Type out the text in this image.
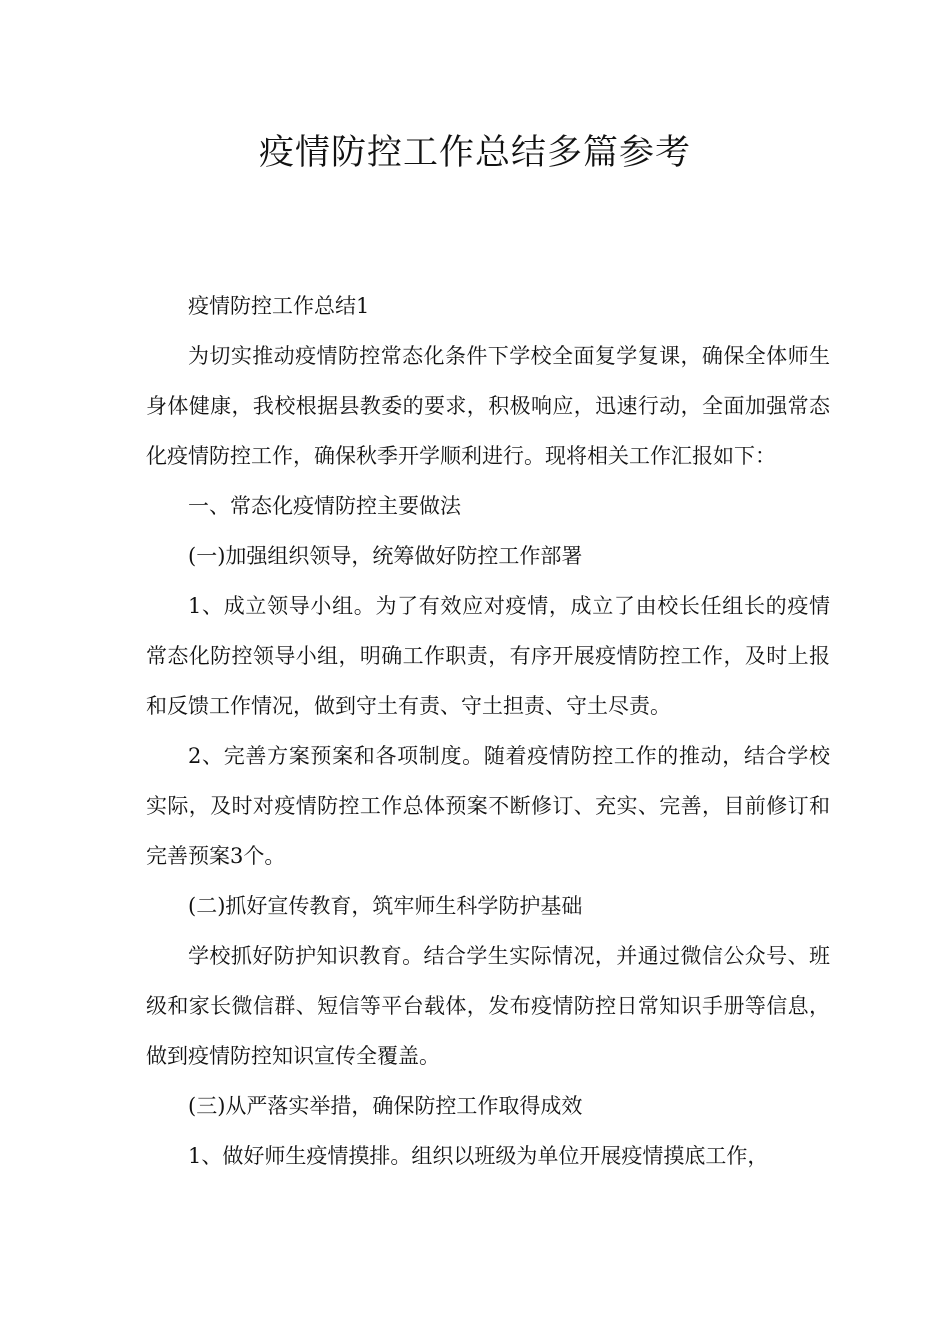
疫情防控工作总结多篇参考

疫情防控工作总结1

为切实推动疫情防控常态化条件下学校全面复学复课，确保全体师生身体健康，我校根据县教委的要求，积极响应，迅速行动，全面加强常态化疫情防控工作，确保秋季开学顺利进行。现将相关工作汇报如下：

一、常态化疫情防控主要做法

(一)加强组织领导，统筹做好防控工作部署

1、成立领导小组。为了有效应对疫情，成立了由校长任组长的疫情常态化防控领导小组，明确工作职责，有序开展疫情防控工作，及时上报和反馈工作情况，做到守土有责、守土担责、守土尽责。

2、完善方案预案和各项制度。随着疫情防控工作的推动，结合学校实际，及时对疫情防控工作总体预案不断修订、充实、完善，目前修订和完善预案3个。

(二)抓好宣传教育，筑牢师生科学防护基础

学校抓好防护知识教育。结合学生实际情况，并通过微信公众号、班级和家长微信群、短信等平台载体，发布疫情防控日常知识手册等信息，做到疫情防控知识宣传全覆盖。

(三)从严落实举措，确保防控工作取得成效

1、做好师生疫情摸排。组织以班级为单位开展疫情摸底工作，
